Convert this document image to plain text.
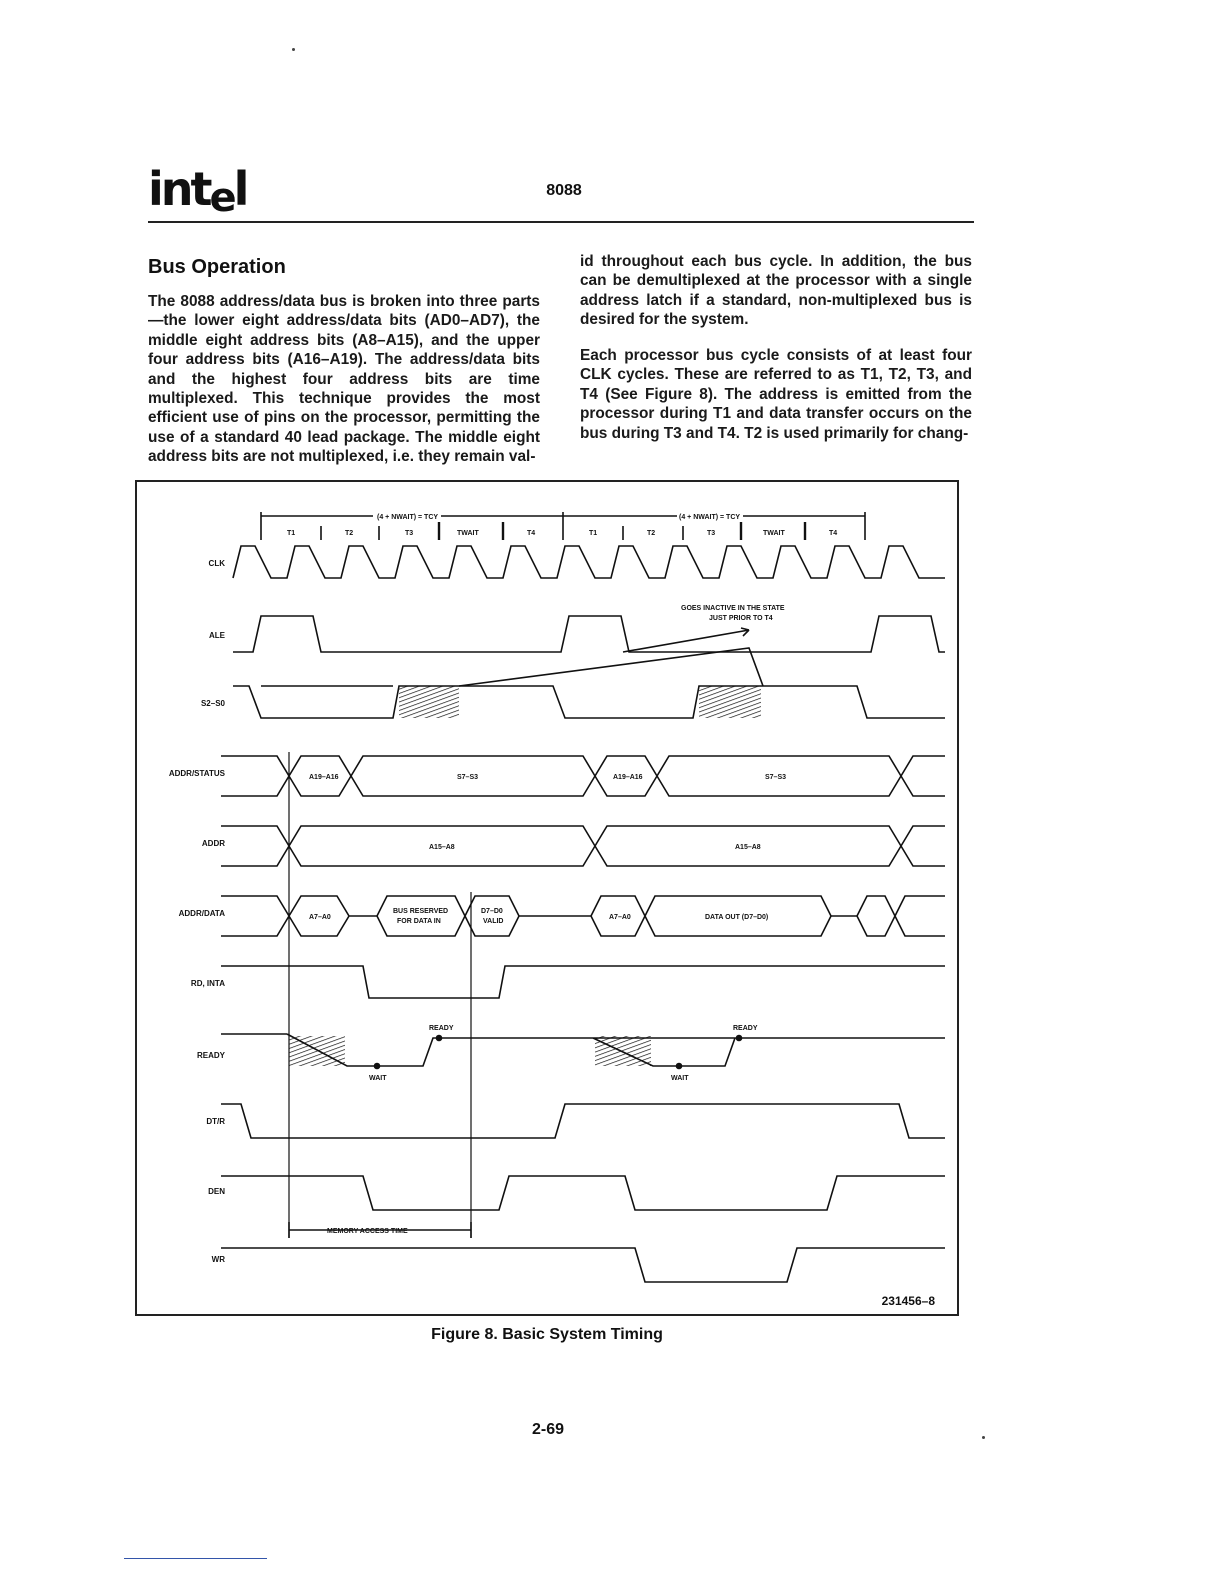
intel	8088
Bus Operation
The 8088 address/data bus is broken into three parts—the lower eight address/data bits (AD0–AD7), the middle eight address bits (A8–A15), and the upper four address bits (A16–A19). The address/data bits and the highest four address bits are time multiplexed. This technique provides the most efficient use of pins on the processor, permitting the use of a standard 40 lead package. The middle eight address bits are not multiplexed, i.e. they remain val-
id throughout each bus cycle. In addition, the bus can be demultiplexed at the processor with a single address latch if a standard, non-multiplexed bus is desired for the system.
Each processor bus cycle consists of at least four CLK cycles. These are referred to as T1, T2, T3, and T4 (See Figure 8). The address is emitted from the processor during T1 and data transfer occurs on the bus during T3 and T4. T2 is used primarily for chang-
(4 + NWAIT) = TCY	(4 + NWAIT) = TCY
T1	T2	T3	TWAIT	T4	T1	T2	T3	TWAIT	T4
CLK
ALE
S2–S0
ADDR/STATUS
ADDR
ADDR/DATA
RD, INTA
READY
DT/R
DEN
WR
GOES INACTIVE IN THE STATE
JUST PRIOR TO T4
A19–A16	S7–S3	A19–A16	S7–S3
A15–A8	A15–A8
A7–A0
BUS RESERVED
FOR DATA IN
D7–D0
VALID
A7–A0	DATA OUT (D7–D0)
READY	READY
WAIT	WAIT
MEMORY ACCESS TIME
231456–8
Figure 8. Basic System Timing
2-69
